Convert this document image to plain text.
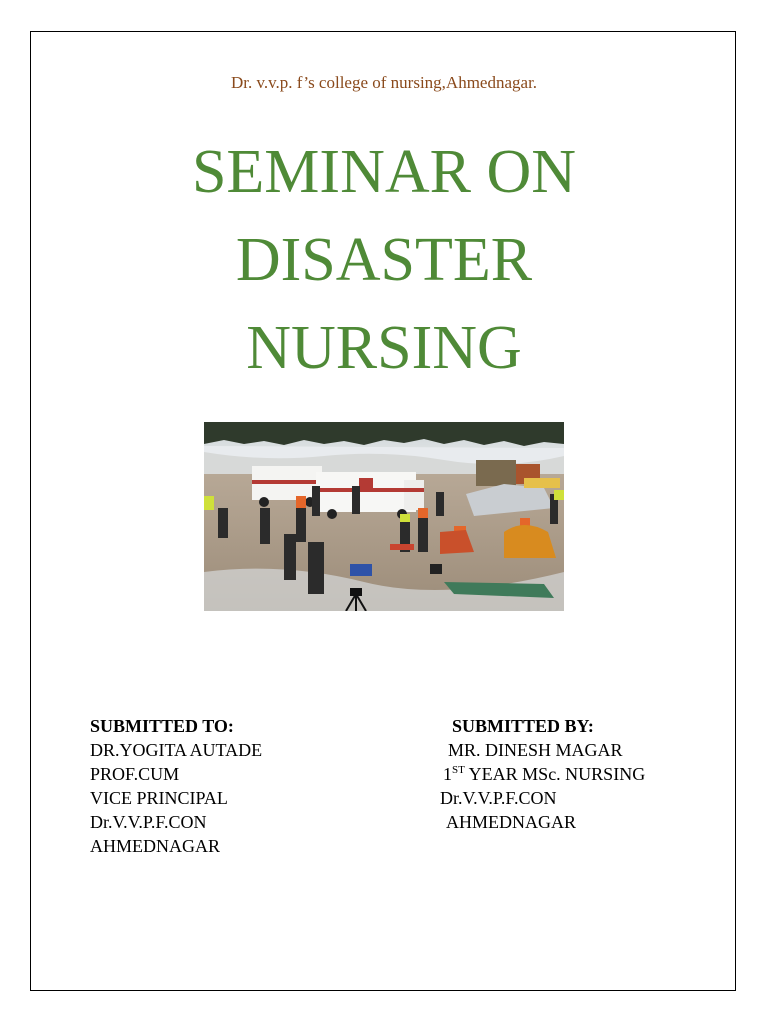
Dr. v.v.p. f’s college of nursing,Ahmednagar.
SEMINAR ON
DISASTER
NURSING
SUBMITTED TO:
DR.YOGITA AUTADE
PROF.CUM
VICE PRINCIPAL
Dr.V.V.P.F.CON
AHMEDNAGAR
SUBMITTED BY:
MR. DINESH MAGAR
1ST YEAR MSc. NURSING
Dr.V.V.P.F.CON
AHMEDNAGAR
